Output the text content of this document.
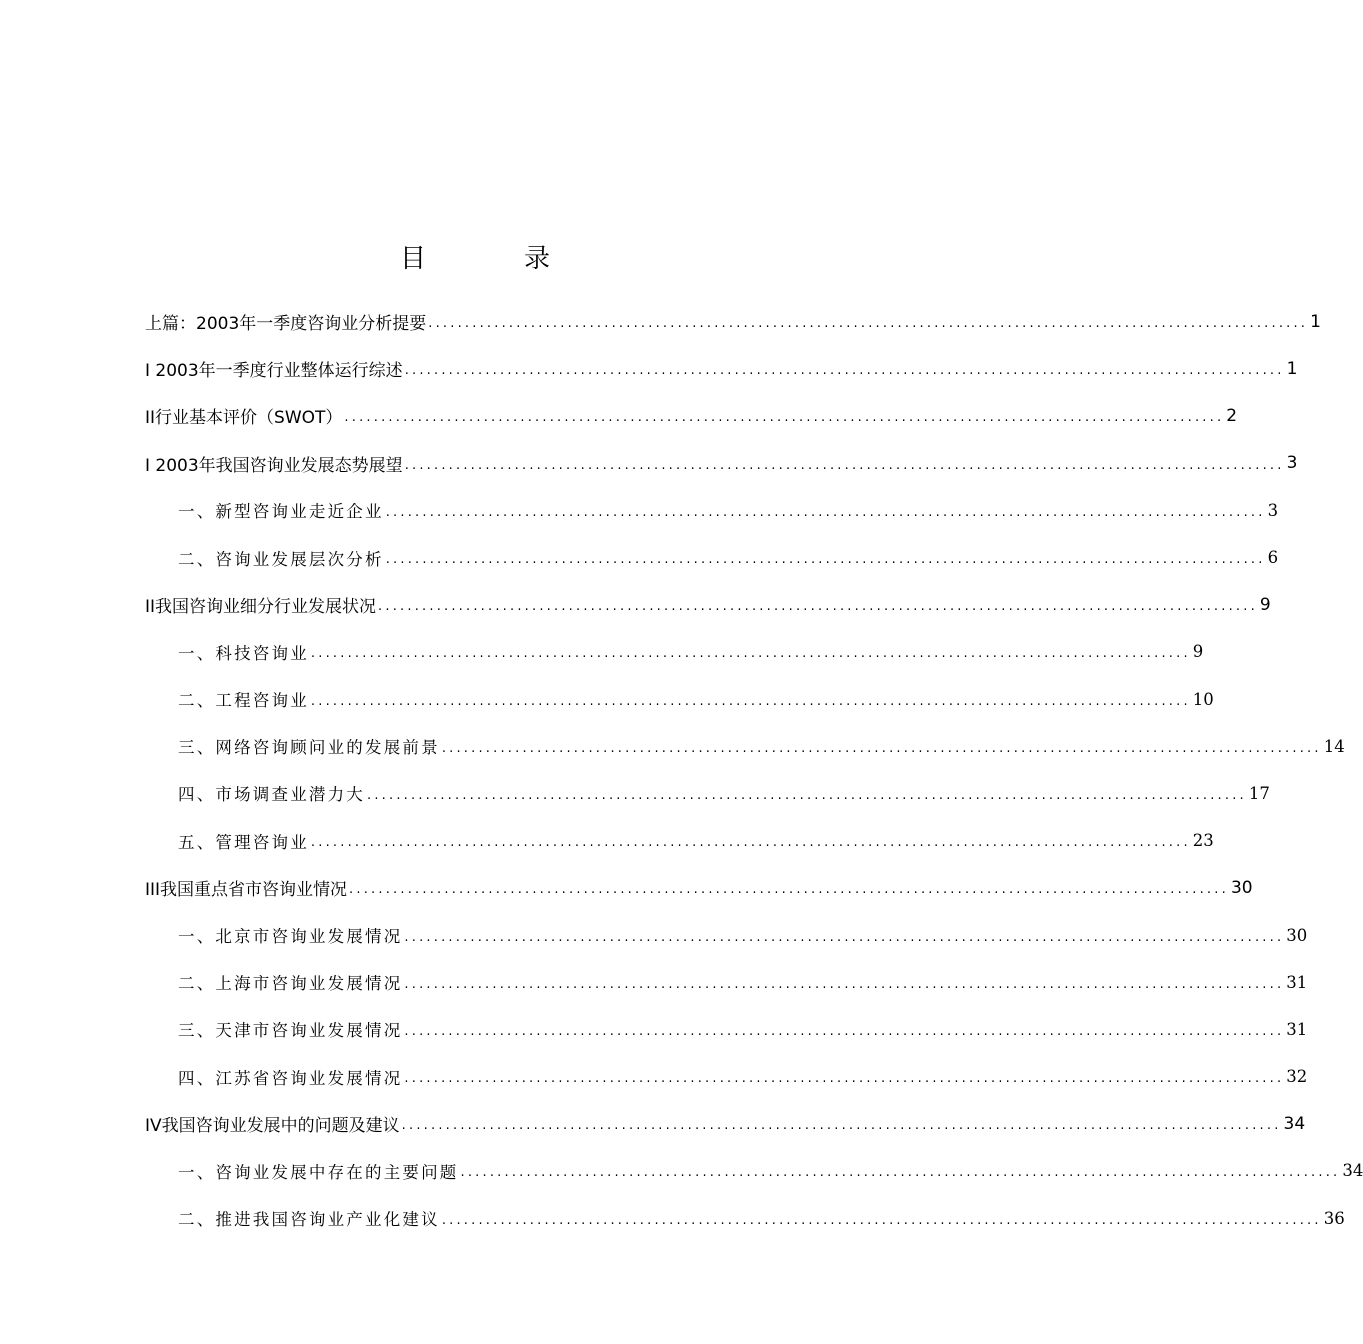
目　录
上篇：2003年一季度咨询业分析提要 ........................................................................................................................ 1
I 2003年一季度行业整体运行综述 ........................................................................................................................ 1
II行业基本评价（SWOT） ........................................................................................................................ 2
I 2003年我国咨询业发展态势展望 ........................................................................................................................ 3
一、新型咨询业走近企业 ........................................................................................................................ 3
二、咨询业发展层次分析 ........................................................................................................................ 6
II我国咨询业细分行业发展状况 ........................................................................................................................ 9
一、科技咨询业 ........................................................................................................................ 9
二、工程咨询业 ........................................................................................................................ 10
三、网络咨询顾问业的发展前景 ........................................................................................................................ 14
四、市场调查业潜力大 ........................................................................................................................ 17
五、管理咨询业 ........................................................................................................................ 23
III我国重点省市咨询业情况 ........................................................................................................................ 30
一、北京市咨询业发展情况 ........................................................................................................................ 30
二、上海市咨询业发展情况 ........................................................................................................................ 31
三、天津市咨询业发展情况 ........................................................................................................................ 31
四、江苏省咨询业发展情况 ........................................................................................................................ 32
IV我国咨询业发展中的问题及建议 ........................................................................................................................ 34
一、咨询业发展中存在的主要问题 ........................................................................................................................ 34
二、推进我国咨询业产业化建议 ........................................................................................................................ 36
